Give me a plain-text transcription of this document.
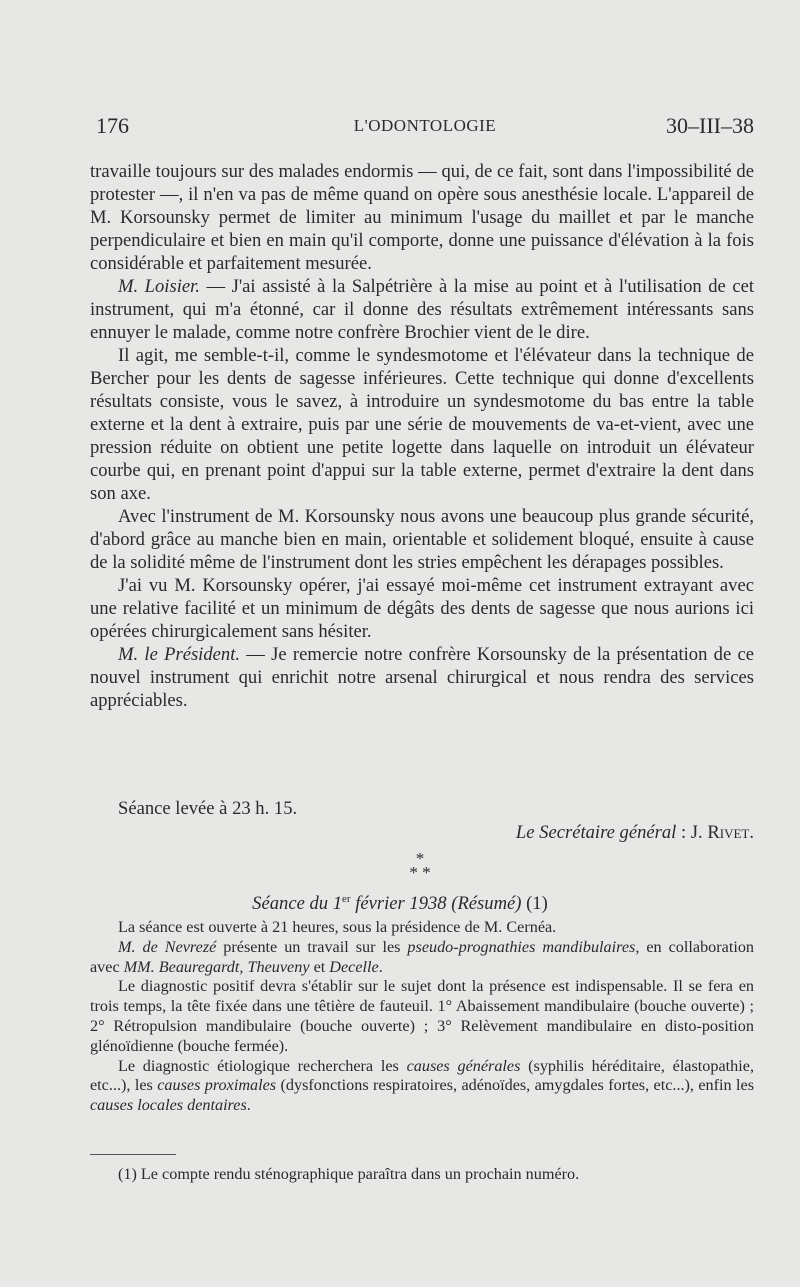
176	L'ODONTOLOGIE	30–III–38

travaille toujours sur des malades endormis — qui, de ce fait, sont dans l'impossibilité de protester —, il n'en va pas de même quand on opère sous anesthésie locale. L'appareil de M. Korsounsky permet de limiter au minimum l'usage du maillet et par le manche perpendiculaire et bien en main qu'il comporte, donne une puissance d'élévation à la fois considérable et parfaitement mesurée.

M. Loisier. — J'ai assisté à la Salpétrière à la mise au point et à l'utilisation de cet instrument, qui m'a étonné, car il donne des résultats extrêmement intéressants sans ennuyer le malade, comme notre confrère Brochier vient de le dire.

Il agit, me semble-t-il, comme le syndesmotome et l'élévateur dans la technique de Bercher pour les dents de sagesse inférieures. Cette technique qui donne d'excellents résultats consiste, vous le savez, à introduire un syndesmotome du bas entre la table externe et la dent à extraire, puis par une série de mouvements de va-et-vient, avec une pression réduite on obtient une petite logette dans laquelle on introduit un élévateur courbe qui, en prenant point d'appui sur la table externe, permet d'extraire la dent dans son axe.

Avec l'instrument de M. Korsounsky nous avons une beaucoup plus grande sécurité, d'abord grâce au manche bien en main, orientable et solidement bloqué, ensuite à cause de la solidité même de l'instrument dont les stries empêchent les dérapages possibles.

J'ai vu M. Korsounsky opérer, j'ai essayé moi-même cet instrument extrayant avec une relative facilité et un minimum de dégâts des dents de sagesse que nous aurions ici opérées chirurgicalement sans hésiter.

M. le Président. — Je remercie notre confrère Korsounsky de la présentation de ce nouvel instrument qui enrichit notre arsenal chirurgical et nous rendra des services appréciables.

Séance levée à 23 h. 15.
Le Secrétaire général : J. Rivet.
*
* *
Séance du 1er février 1938 (Résumé) (1)

La séance est ouverte à 21 heures, sous la présidence de M. Cernéa.

M. de Nevrezé présente un travail sur les pseudo-prognathies mandibulaires, en collaboration avec MM. Beauregardt, Theuveny et Decelle.

Le diagnostic positif devra s'établir sur le sujet dont la présence est indispensable. Il se fera en trois temps, la tête fixée dans une têtière de fauteuil. 1° Abaissement mandibulaire (bouche ouverte) ; 2° Rétropulsion mandibulaire (bouche ouverte) ; 3° Relèvement mandibulaire en disto-position glénoïdienne (bouche fermée).

Le diagnostic étiologique recherchera les causes générales (syphilis héréditaire, élastopathie, etc...), les causes proximales (dysfonctions respiratoires, adénoïdes, amygdales fortes, etc...), enfin les causes locales dentaires.

(1) Le compte rendu sténographique paraîtra dans un prochain numéro.
